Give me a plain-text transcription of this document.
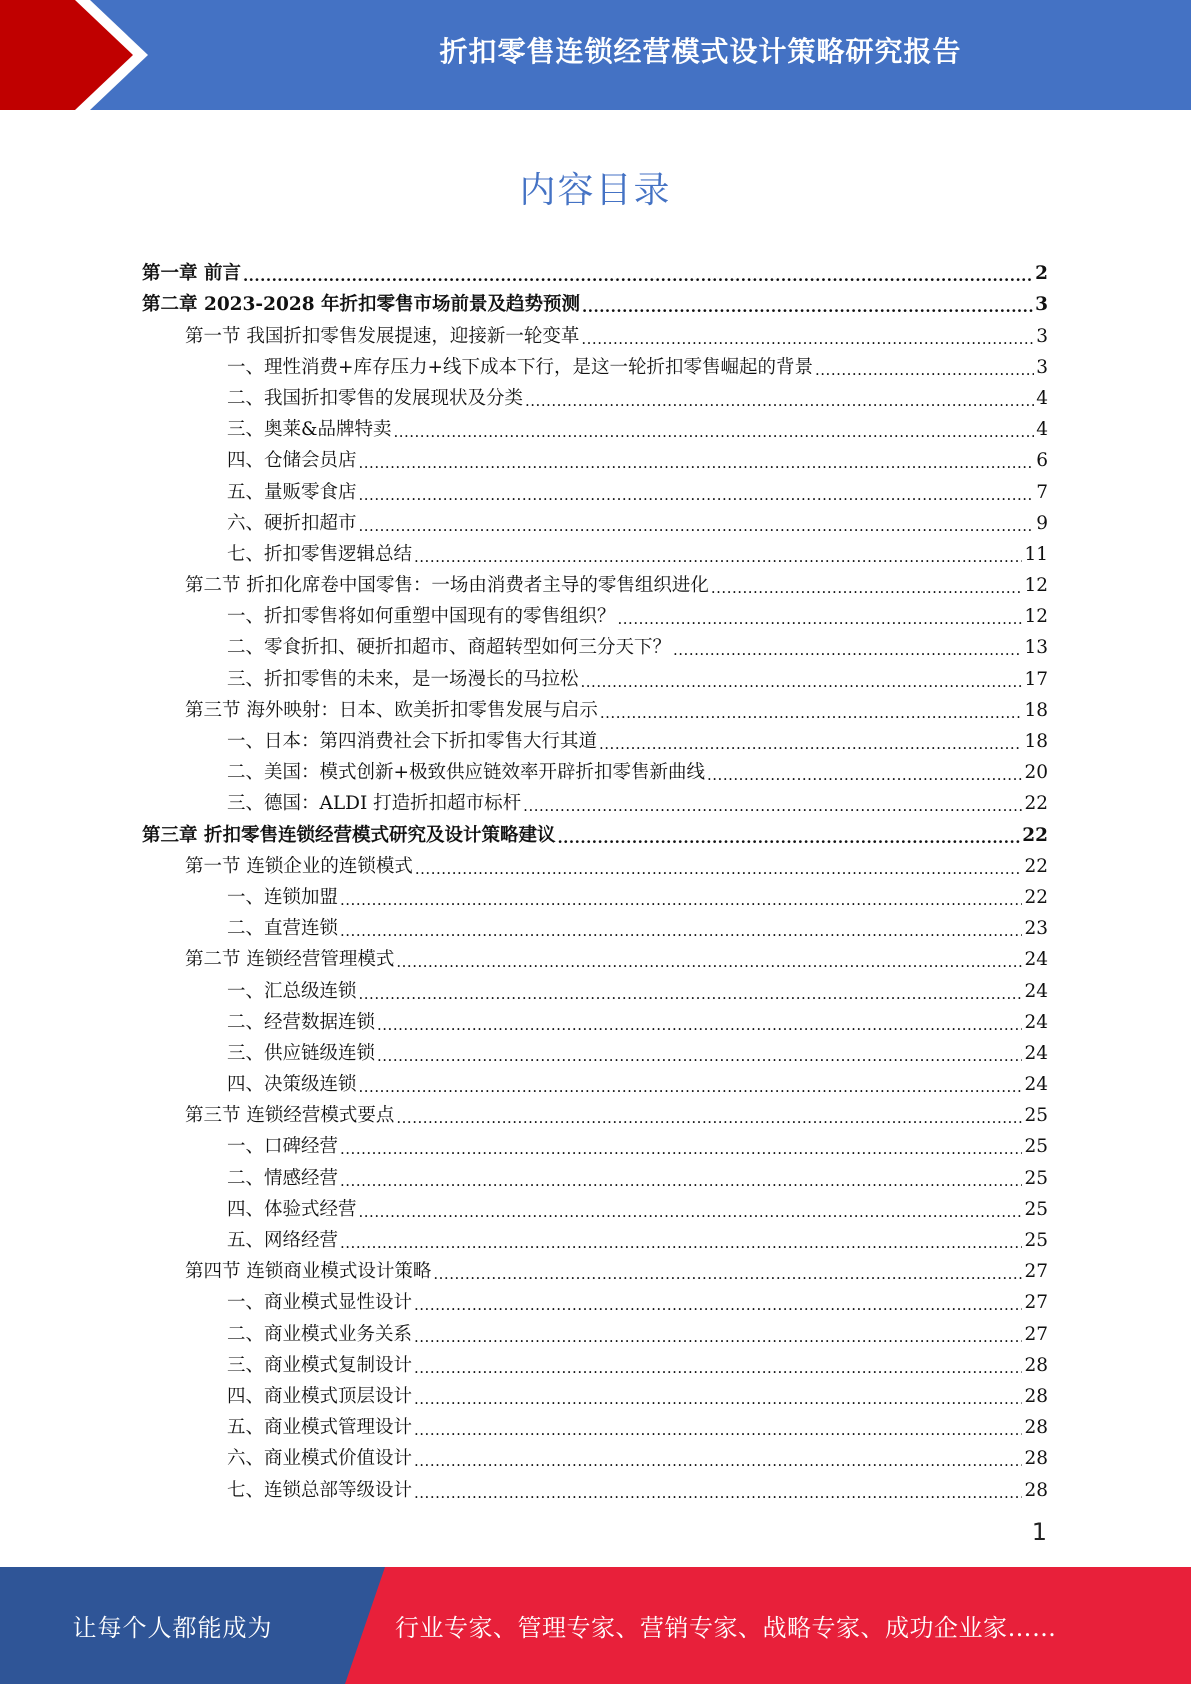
折扣零售连锁经营模式设计策略研究报告
内容目录
第一章 前言 .....	2
第二章 2023-2028 年折扣零售市场前景及趋势预测 .....	3
第一节 我国折扣零售发展提速，迎接新一轮变革 .....	3
一、理性消费+库存压力+线下成本下行，是这一轮折扣零售崛起的背景 .....	3
二、我国折扣零售的发展现状及分类 .....	4
三、奥莱&品牌特卖 .....	4
四、仓储会员店 .....	6
五、量贩零食店 .....	7
六、硬折扣超市 .....	9
七、折扣零售逻辑总结 .....	11
第二节 折扣化席卷中国零售：一场由消费者主导的零售组织进化 .....	12
一、折扣零售将如何重塑中国现有的零售组织？ .....	12
二、零食折扣、硬折扣超市、商超转型如何三分天下？ .....	13
三、折扣零售的未来，是一场漫长的马拉松 .....	17
第三节 海外映射：日本、欧美折扣零售发展与启示 .....	18
一、日本：第四消费社会下折扣零售大行其道 .....	18
二、美国：模式创新+极致供应链效率开辟折扣零售新曲线 .....	20
三、德国：ALDI 打造折扣超市标杆 .....	22
第三章 折扣零售连锁经营模式研究及设计策略建议 .....	22
第一节 连锁企业的连锁模式 .....	22
一、连锁加盟 .....	22
二、直营连锁 .....	23
第二节 连锁经营管理模式 .....	24
一、汇总级连锁 .....	24
二、经营数据连锁 .....	24
三、供应链级连锁 .....	24
四、决策级连锁 .....	24
第三节 连锁经营模式要点 .....	25
一、口碑经营 .....	25
二、情感经营 .....	25
四、体验式经营 .....	25
五、网络经营 .....	25
第四节 连锁商业模式设计策略 .....	27
一、商业模式显性设计 .....	27
二、商业模式业务关系 .....	27
三、商业模式复制设计 .....	28
四、商业模式顶层设计 .....	28
五、商业模式管理设计 .....	28
六、商业模式价值设计 .....	28
七、连锁总部等级设计 .....	28
1
让每个人都能成为	行业专家、管理专家、营销专家、战略专家、成功企业家……
